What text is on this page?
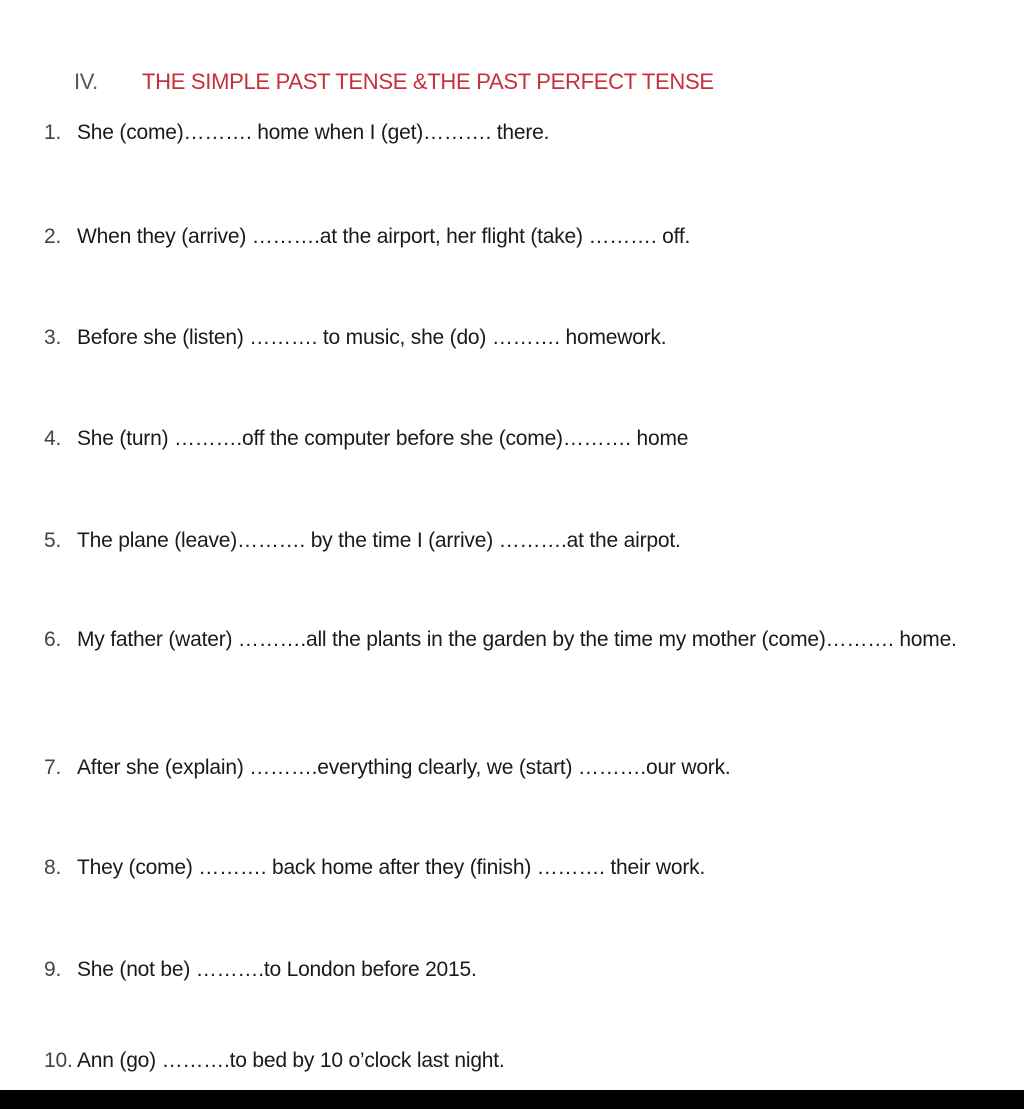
IV.	THE SIMPLE PAST TENSE &THE PAST PERFECT TENSE
1. She (come)………. home when I (get)………. there.
2. When they (arrive) ……….at the airport, her flight (take) ………. off.
3. Before she (listen) ………. to music, she (do) ………. homework.
4. She (turn) ……….off the computer before she (come)………. home
5. The plane (leave)………. by the time I (arrive) ……….at the airpot.
6. My father (water) ……….all the plants in the garden by the time my mother (come)………. home.
7. After she (explain) ……….everything clearly, we (start) ……….our work.
8. They (come) ………. back home after they (finish) ………. their work.
9. She (not be) ……….to London before 2015.
10. Ann (go) ……….to bed by 10 o’clock last night.
